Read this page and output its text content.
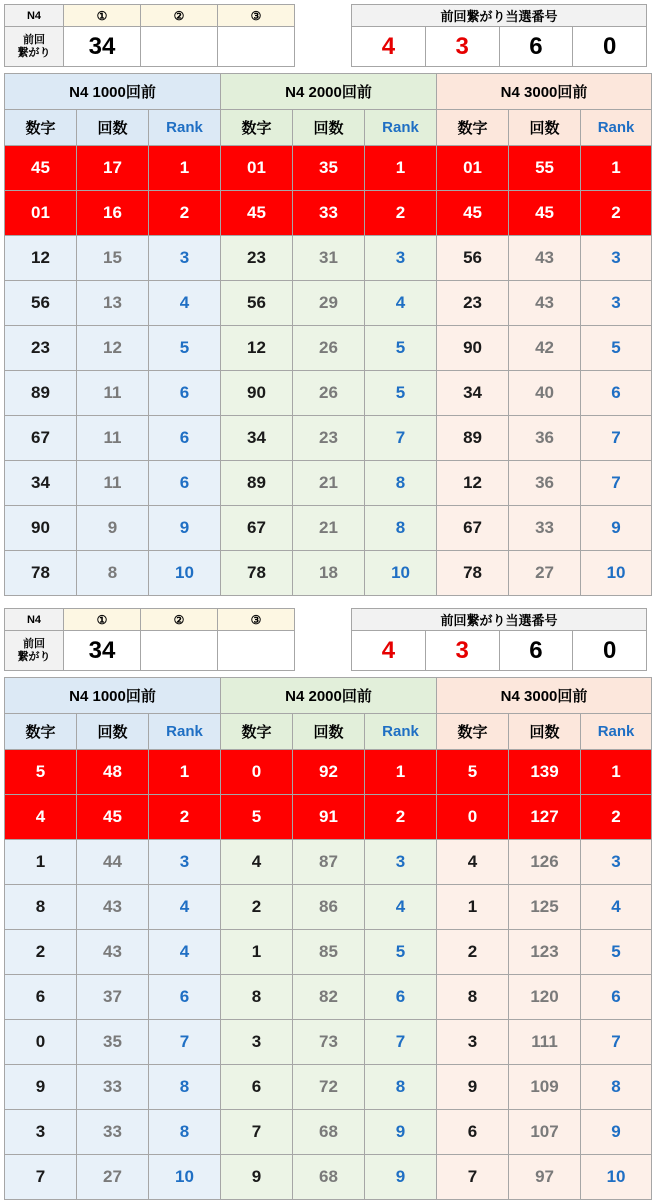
N4	①	②	③
前回
繋がり	34		
前回繋がり当選番号
4	3	6	0
N4 1000回前			N4 2000回前			N4 3000回前		
数字	回数	Rank	数字	回数	Rank	数字	回数	Rank
45	17	1	01	35	1	01	55	1
01	16	2	45	33	2	45	45	2
12	15	3	23	31	3	56	43	3
56	13	4	56	29	4	23	43	3
23	12	5	12	26	5	90	42	5
89	11	6	90	26	5	34	40	6
67	11	6	34	23	7	89	36	7
34	11	6	89	21	8	12	36	7
90	9	9	67	21	8	67	33	9
78	8	10	78	18	10	78	27	10
N4	①	②	③
前回
繋がり	34		
前回繋がり当選番号
4	3	6	0
N4 1000回前			N4 2000回前			N4 3000回前		
数字	回数	Rank	数字	回数	Rank	数字	回数	Rank
5	48	1	0	92	1	5	139	1
4	45	2	5	91	2	0	127	2
1	44	3	4	87	3	4	126	3
8	43	4	2	86	4	1	125	4
2	43	4	1	85	5	2	123	5
6	37	6	8	82	6	8	120	6
0	35	7	3	73	7	3	111	7
9	33	8	6	72	8	9	109	8
3	33	8	7	68	9	6	107	9
7	27	10	9	68	9	7	97	10
